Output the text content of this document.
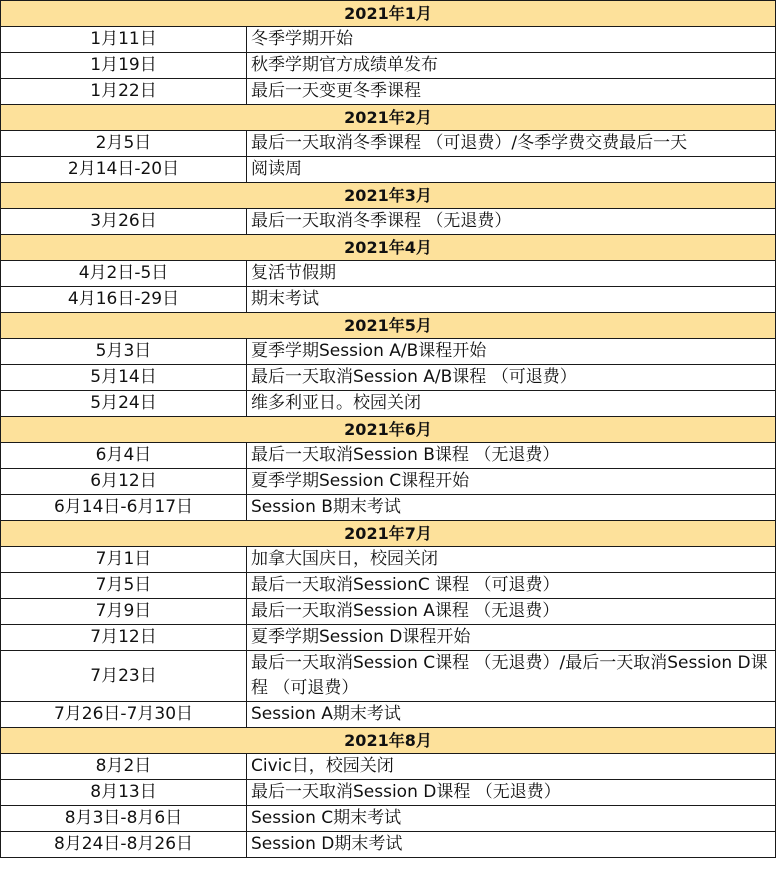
2021年1月	
1月11日	冬季学期开始
1月19日	秋季学期官方成绩单发布
1月22日	最后一天变更冬季课程
2021年2月	
2月5日	最后一天取消冬季课程 （可退费）/冬季学费交费最后一天
2月14日-20日	阅读周
2021年3月	
3月26日	最后一天取消冬季课程 （无退费）
2021年4月	
4月2日-5日	复活节假期
4月16日-29日	期末考试
2021年5月	
5月3日	夏季学期Session A/B课程开始
5月14日	最后一天取消Session A/B课程 （可退费）
5月24日	维多利亚日。校园关闭
2021年6月	
6月4日	最后一天取消Session B课程 （无退费）
6月12日	夏季学期Session C课程开始
6月14日-6月17日	Session B期末考试
2021年7月	
7月1日	加拿大国庆日，校园关闭
7月5日	最后一天取消SessionC 课程 （可退费）
7月9日	最后一天取消Session A课程 （无退费）
7月12日	夏季学期Session D课程开始
7月23日	最后一天取消Session C课程 （无退费）/最后一天取消Session D课程 （可退费）
7月26日-7月30日	Session A期末考试
2021年8月	
8月2日	Civic日，校园关闭
8月13日	最后一天取消Session D课程 （无退费）
8月3日-8月6日	Session C期末考试
8月24日-8月26日	Session D期末考试
